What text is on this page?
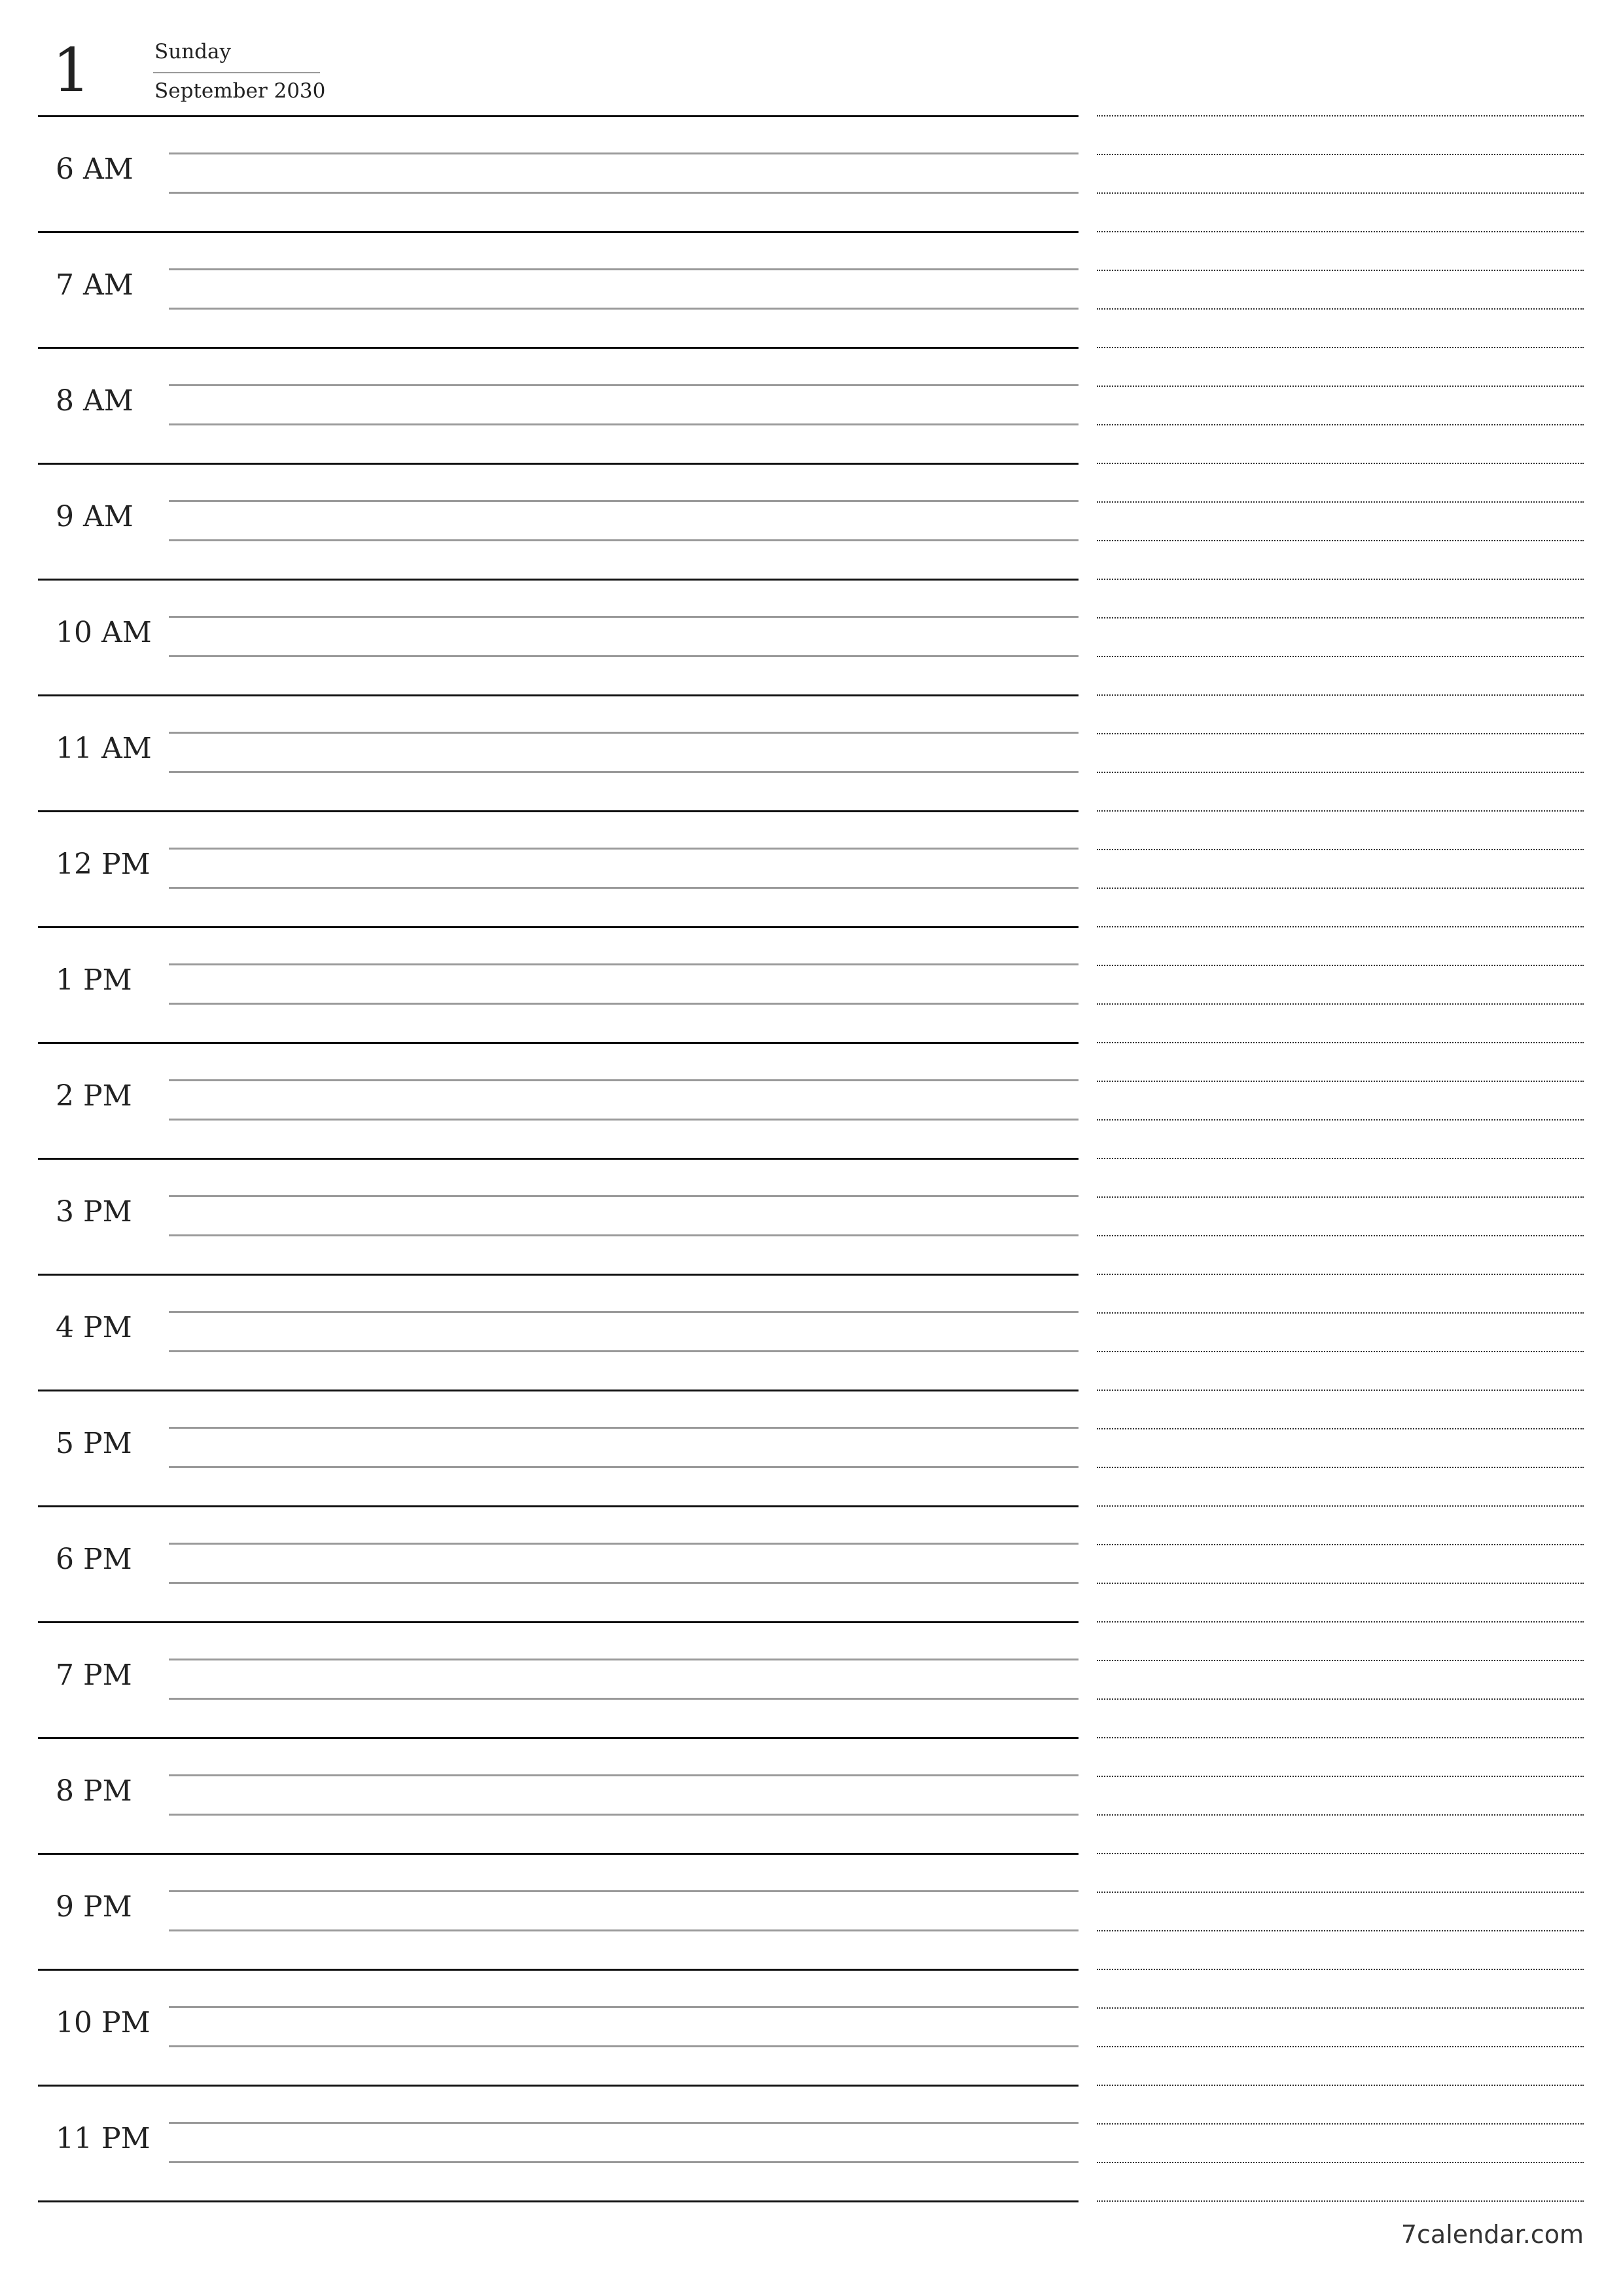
1	Sunday
September 2030
6 AM
7 AM
8 AM
9 AM
10 AM
11 AM
12 PM
1 PM
2 PM
3 PM
4 PM
5 PM
6 PM
7 PM
8 PM
9 PM
10 PM
11 PM
7calendar.com
